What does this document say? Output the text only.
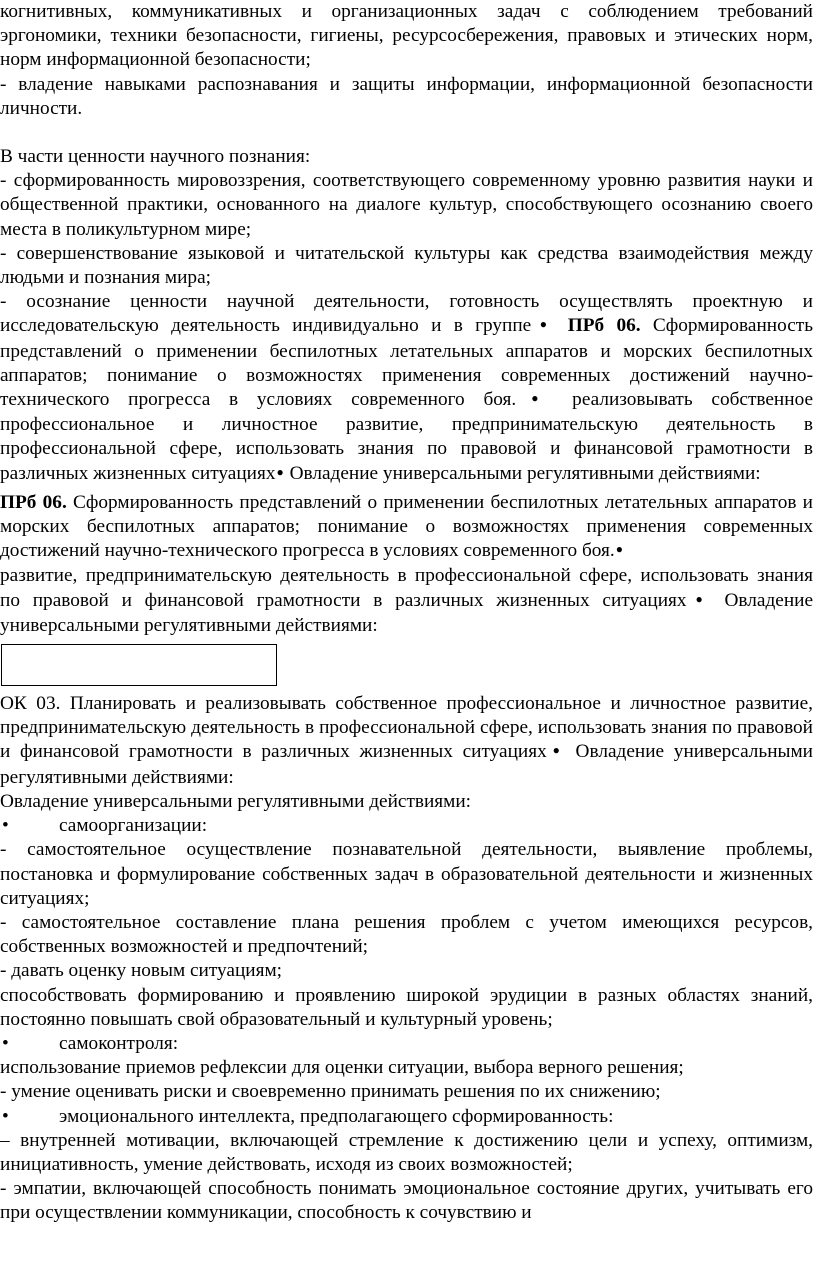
когнитивных, коммуникативных и организационных задач с соблюдением требований эргономики, техники безопасности, гигиены, ресурсосбережения, правовых и этических норм, норм информационной безопасности;

- владение навыками распознавания и защиты информации, информационной безопасности личности.

В части ценности научного познания:

- сформированность мировоззрения, соответствующего современному уровню развития науки и общественной практики, основанного на диалоге культур, способствующего осознанию своего места в поликультурном мире;

- совершенствование языковой и читательской культуры как средства взаимодействия между людьми и познания мира;

- осознание ценности научной деятельности, готовность осуществлять проектную и исследовательскую деятельность индивидуально и в группе● ПРб 06. Сформированность представлений о применении беспилотных летательных аппаратов и морских беспилотных аппаратов; понимание о возможностях применения современных достижений научно-технического прогресса в условиях современного боя.● реализовывать собственное профессиональное и личностное развитие, предпринимательскую деятельность в профессиональной сфере, использовать знания по правовой и финансовой грамотности в различных жизненных ситуациях● Овладение универсальными регулятивными действиями:

ПРб 06. Сформированность представлений о применении беспилотных летательных аппаратов и морских беспилотных аппаратов; понимание о возможностях применения современных достижений научно-технического прогресса в условиях современного боя.●

развитие, предпринимательскую деятельность в профессиональной сфере, использовать знания по правовой и финансовой грамотности в различных жизненных ситуациях● Овладение универсальными регулятивными действиями:

ОК 03. Планировать и реализовывать собственное профессиональное и личностное развитие, предпринимательскую деятельность в профессиональной сфере, использовать знания по правовой и финансовой грамотности в различных жизненных ситуациях● Овладение универсальными регулятивными действиями:

Овладение универсальными регулятивными действиями:

•	самоорганизации:

- самостоятельное осуществление познавательной деятельности, выявление проблемы, постановка и формулирование собственных задач в образовательной деятельности и жизненных ситуациях;

- самостоятельное составление плана решения проблем с учетом имеющихся ресурсов, собственных возможностей и предпочтений;

- давать оценку новым ситуациям;

способствовать формированию и проявлению широкой эрудиции в разных областях знаний, постоянно повышать свой образовательный и культурный уровень;

•	самоконтроля:

использование приемов рефлексии для оценки ситуации, выбора верного решения;

- умение оценивать риски и своевременно принимать решения по их снижению;

•	эмоционального интеллекта, предполагающего сформированность:

– внутренней мотивации, включающей стремление к достижению цели и успеху, оптимизм, инициативность, умение действовать, исходя из своих возможностей;

- эмпатии, включающей способность понимать эмоциональное состояние других, учитывать его при осуществлении коммуникации, способность к сочувствию и
